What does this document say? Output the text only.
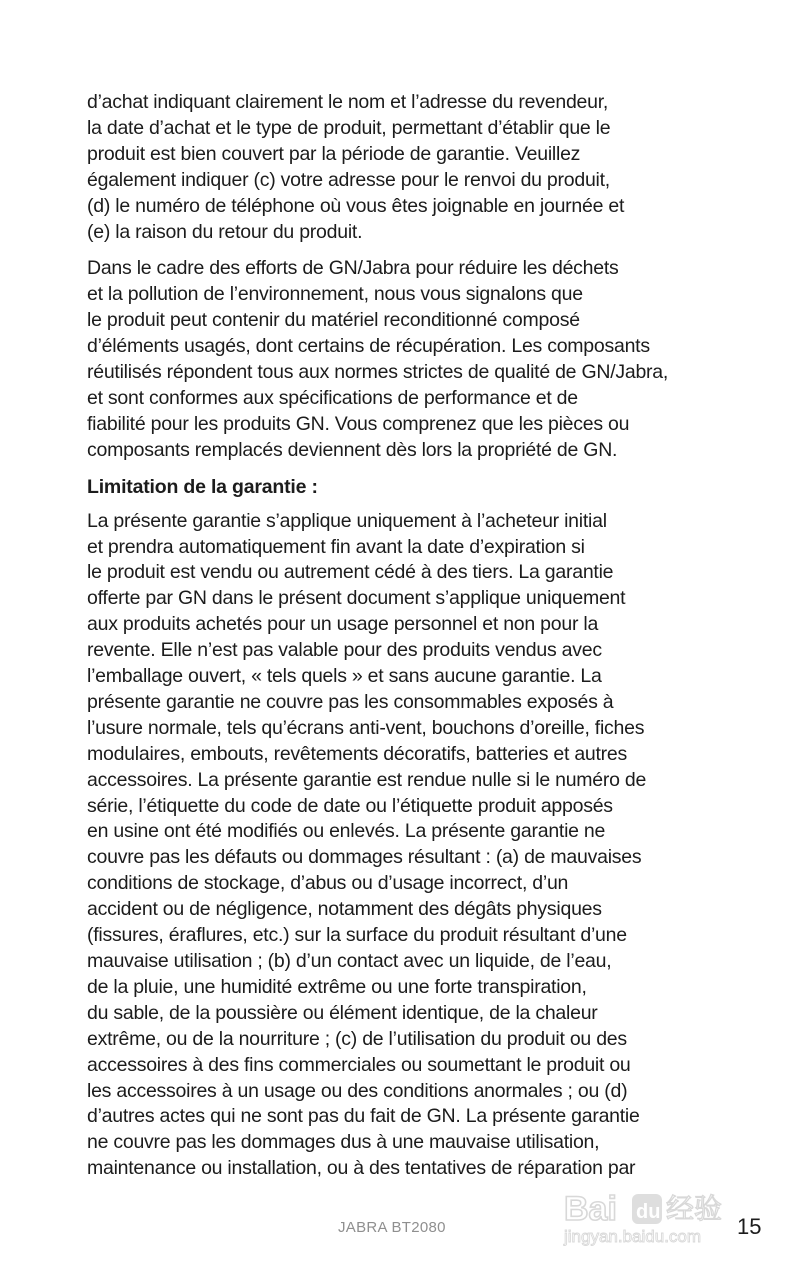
d’achat indiquant clairement le nom et l’adresse du revendeur,
la date d’achat et le type de produit, permettant d’établir que le
produit est bien couvert par la période de garantie. Veuillez
également indiquer (c) votre adresse pour le renvoi du produit,
(d) le numéro de téléphone où vous êtes joignable en journée et
(e) la raison du retour du produit.
Dans le cadre des efforts de GN/Jabra pour réduire les déchets
et la pollution de l’environnement, nous vous signalons que
le produit peut contenir du matériel reconditionné composé
d’éléments usagés, dont certains de récupération. Les composants
réutilisés répondent tous aux normes strictes de qualité de GN/Jabra,
et sont conformes aux spécifications de performance et de
fiabilité pour les produits GN. Vous comprenez que les pièces ou
composants remplacés deviennent dès lors la propriété de GN.
Limitation de la garantie :
La présente garantie s’applique uniquement à l’acheteur initial
et prendra automatiquement fin avant la date d’expiration si
le produit est vendu ou autrement cédé à des tiers. La garantie
offerte par GN dans le présent document s’applique uniquement
aux produits achetés pour un usage personnel et non pour la
revente. Elle n’est pas valable pour des produits vendus avec
l’emballage ouvert, « tels quels » et sans aucune garantie. La
présente garantie ne couvre pas les consommables exposés à
l’usure normale, tels qu’écrans anti-vent, bouchons d’oreille, fiches
modulaires, embouts, revêtements décoratifs, batteries et autres
accessoires. La présente garantie est rendue nulle si le numéro de
série, l’étiquette du code de date ou l’étiquette produit apposés
en usine ont été modifiés ou enlevés. La présente garantie ne
couvre pas les défauts ou dommages résultant : (a) de mauvaises
conditions de stockage, d’abus ou d’usage incorrect, d’un
accident ou de négligence, notamment des dégâts physiques
(fissures, éraflures, etc.) sur la surface du produit résultant d’une
mauvaise utilisation ; (b) d’un contact avec un liquide, de l’eau,
de la pluie, une humidité extrême ou une forte transpiration,
du sable, de la poussière ou élément identique, de la chaleur
extrême, ou de la nourriture ; (c) de l’utilisation du produit ou des
accessoires à des fins commerciales ou soumettant le produit ou
les accessoires à un usage ou des conditions anormales ; ou (d)
d’autres actes qui ne sont pas du fait de GN. La présente garantie
ne couvre pas les dommages dus à une mauvaise utilisation,
maintenance ou installation, ou à des tentatives de réparation par
Bai du 经验
jingyan.baidu.com
JABRA BT2080	15
